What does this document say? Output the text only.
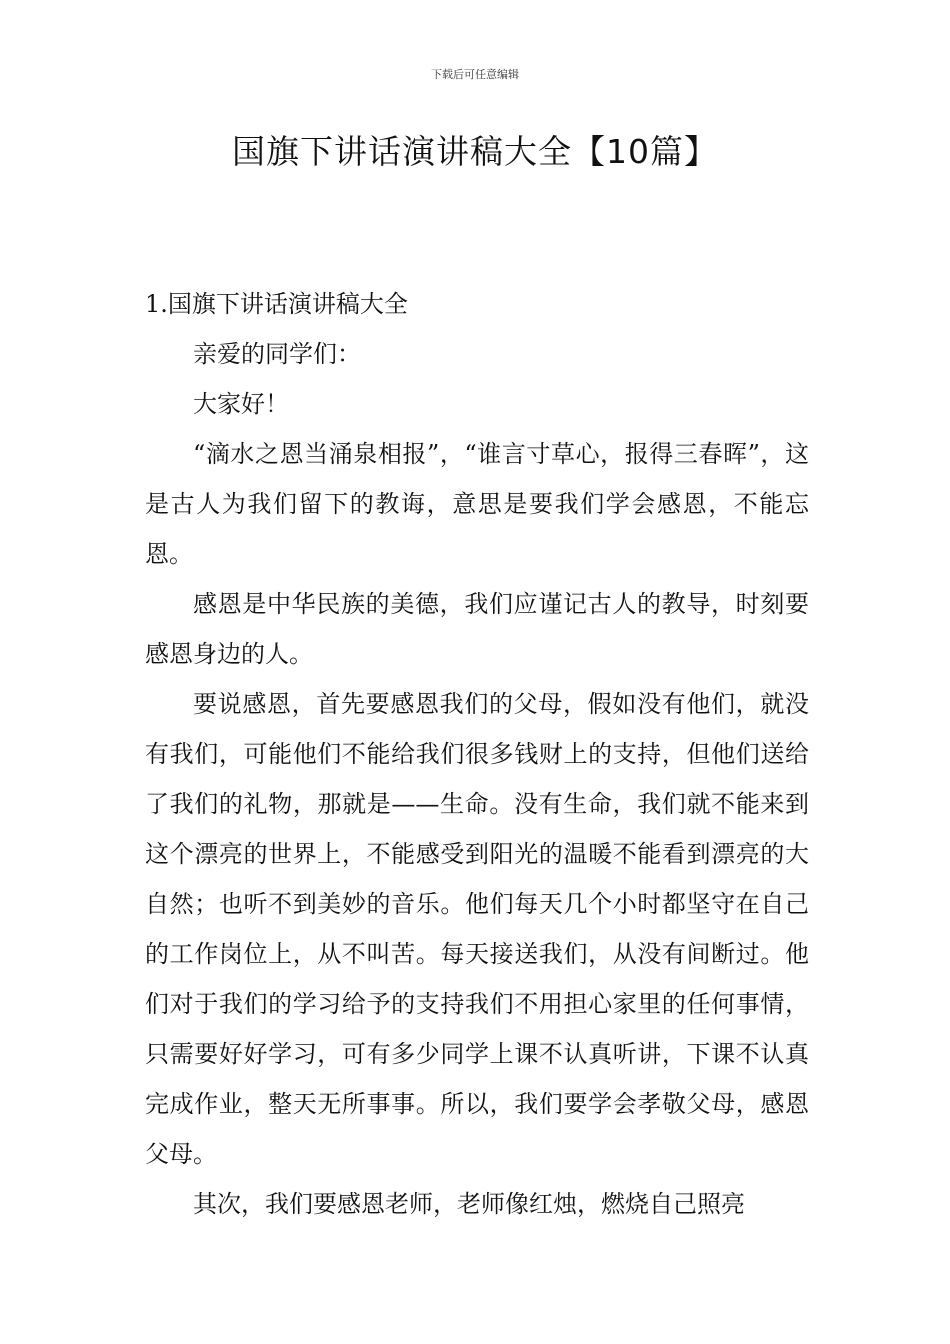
下载后可任意编辑
国旗下讲话演讲稿大全【10篇】

1.国旗下讲话演讲稿大全

亲爱的同学们：

大家好！

“滴水之恩当涌泉相报”，“谁言寸草心，报得三春晖”，这是古人为我们留下的教诲，意思是要我们学会感恩，不能忘恩。

感恩是中华民族的美德，我们应谨记古人的教导，时刻要感恩身边的人。

要说感恩，首先要感恩我们的父母，假如没有他们，就没有我们，可能他们不能给我们很多钱财上的支持，但他们送给了我们的礼物，那就是——生命。没有生命，我们就不能来到这个漂亮的世界上，不能感受到阳光的温暖不能看到漂亮的大自然；也听不到美妙的音乐。他们每天几个小时都坚守在自己的工作岗位上，从不叫苦。每天接送我们，从没有间断过。他们对于我们的学习给予的支持我们不用担心家里的任何事情，只需要好好学习，可有多少同学上课不认真听讲，下课不认真完成作业，整天无所事事。所以，我们要学会孝敬父母，感恩父母。

其次，我们要感恩老师，老师像红烛，燃烧自己照亮
